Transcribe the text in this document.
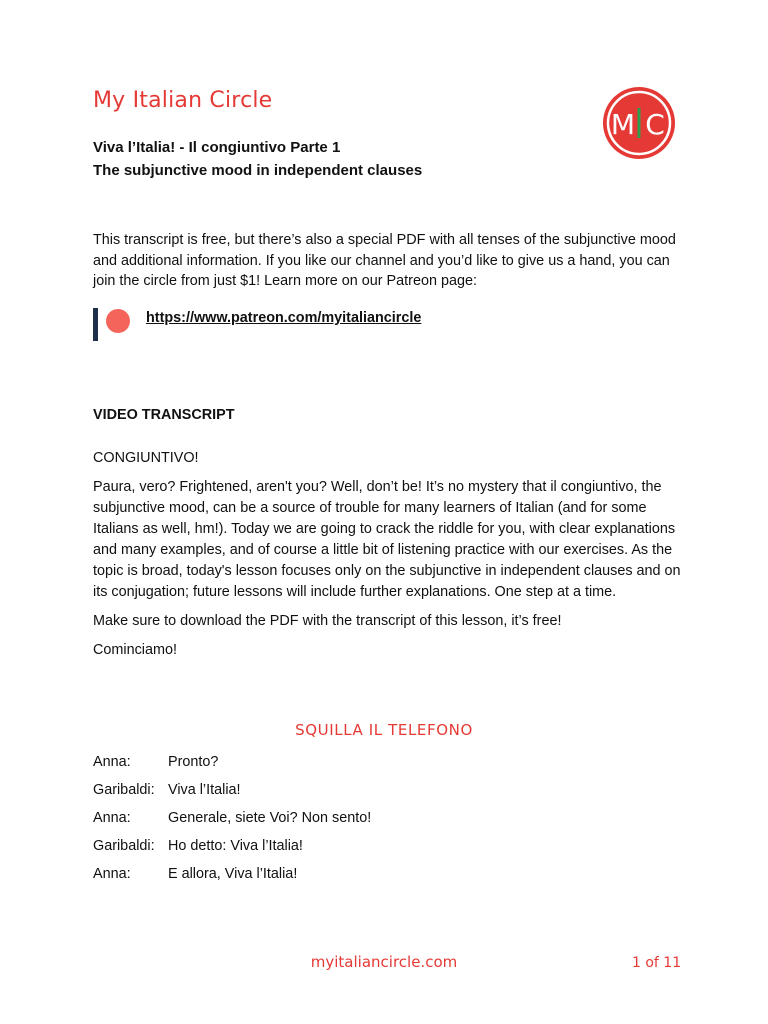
My Italian Circle
M C
Viva l’Italia! - Il congiuntivo Parte 1
The subjunctive mood in independent clauses
This transcript is free, but there’s also a special PDF with all tenses of the subjunctive mood and additional information. If you like our channel and you’d like to give us a hand, you can join the circle from just $1! Learn more on our Patreon page:
https://www.patreon.com/myitaliancircle
VIDEO TRANSCRIPT

CONGIUNTIVO!

Paura, vero? Frightened, aren't you? Well, don’t be! It’s no mystery that il congiuntivo, the subjunctive mood, can be a source of trouble for many learners of Italian (and for some Italians as well, hm!). Today we are going to crack the riddle for you, with clear explanations and many examples, and of course a little bit of listening practice with our exercises. As the topic is broad, today's lesson focuses only on the subjunctive in independent clauses and on its conjugation; future lessons will include further explanations. One step at a time.

Make sure to download the PDF with the transcript of this lesson, it’s free!

Cominciamo!

SQUILLA IL TELEFONO
Anna:	Pronto?
Garibaldi: Viva l’Italia!
Anna:	Generale, siete Voi? Non sento!
Garibaldi: Ho detto: Viva l’Italia!
Anna:	E allora, Viva l’Italia!
myitaliancircle.com	1 of 11
